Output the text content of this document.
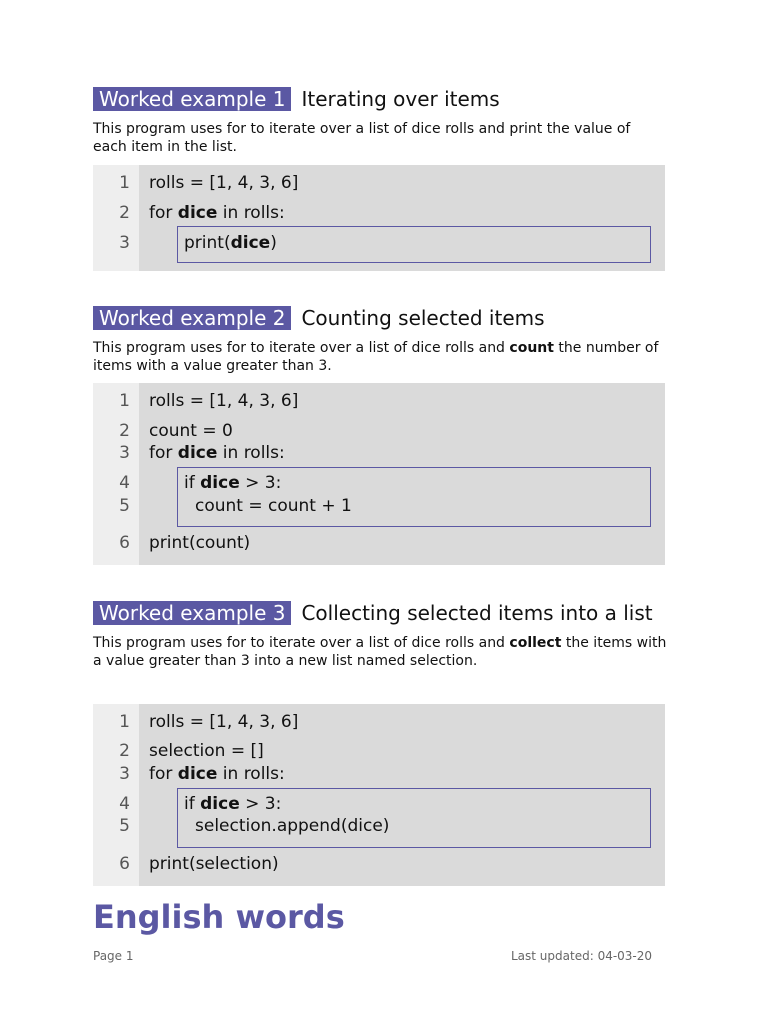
Worked example 1 Iterating over items

This program uses for to iterate over a list of dice rolls and print the value of each item in the list.

1 rolls = [1, 4, 3, 6]
2 for dice in rolls:
3	print(dice)

Worked example 2 Counting selected items

This program uses for to iterate over a list of dice rolls and count the number of items with a value greater than 3.

1 rolls = [1, 4, 3, 6]
2 count = 0
3 for dice in rolls:
4	if dice > 3:
5	count = count + 1
6 print(count)

Worked example 3 Collecting selected items into a list

This program uses for to iterate over a list of dice rolls and collect the items with a value greater than 3 into a new list named selection.

1 rolls = [1, 4, 3, 6]
2 selection = []
3 for dice in rolls:
4	if dice > 3:
5	selection.append(dice)
6 print(selection)
English words
Page 1	Last updated: 04-03-20
